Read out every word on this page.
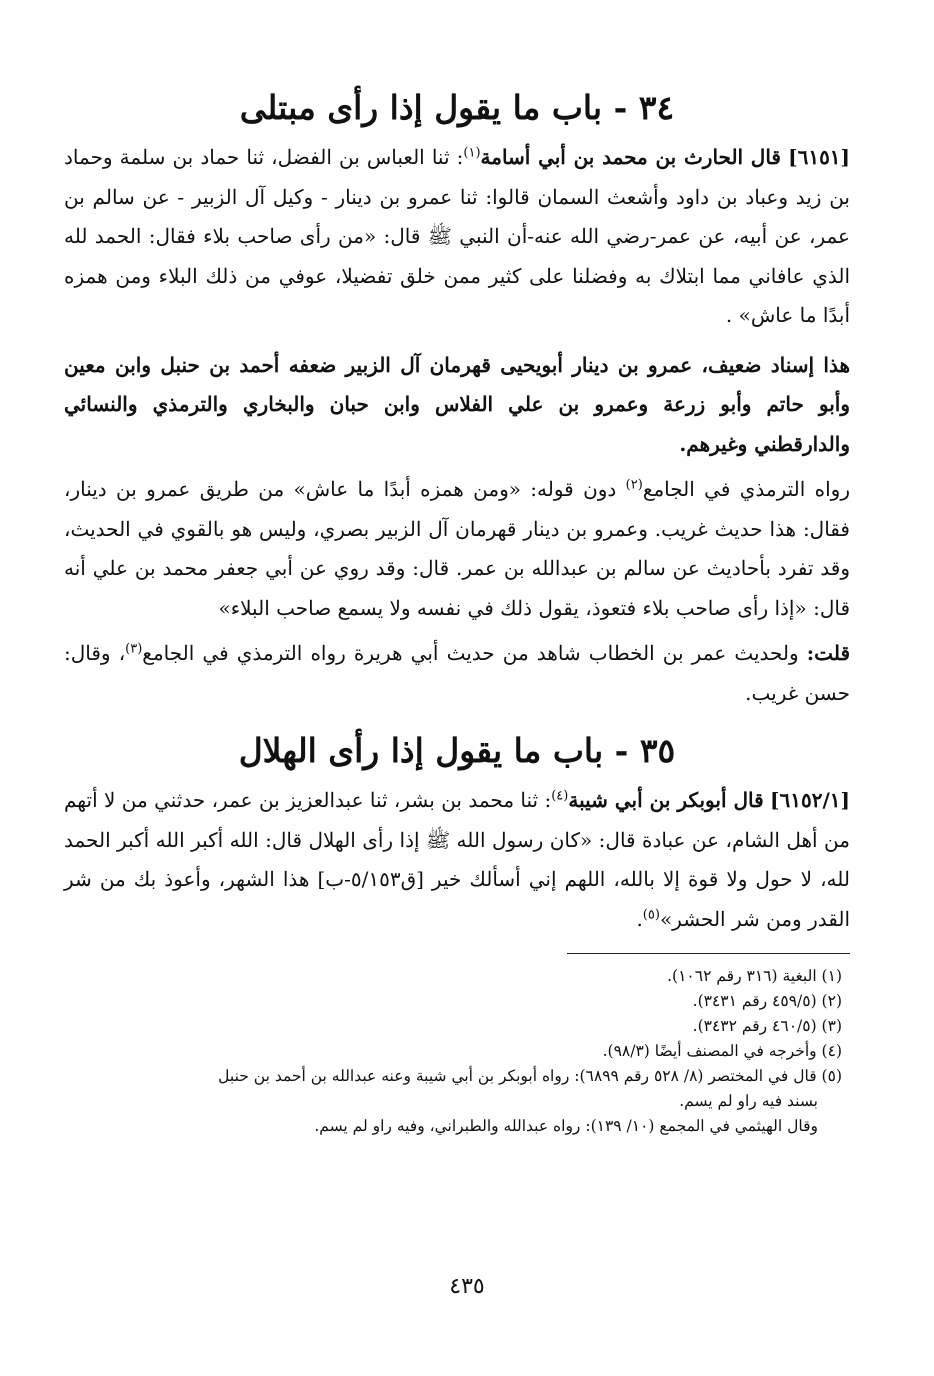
٣٤ - باب ما يقول إذا رأى مبتلى

[٦١٥١] قال الحارث بن محمد بن أبي أسامة$^{(١)}$: ثنا العباس بن الفضل، ثنا حماد بن سلمة وحماد بن زيد وعباد بن داود وأشعث السمان قالوا: ثنا عمرو بن دينار - وكيل آل الزبير - عن سالم بن عمر، عن أبيه، عن عمر-رضي الله عنه-أن النبي ﷺ قال: «من رأى صاحب بلاء فقال: الحمد لله الذي عافاني مما ابتلاك به وفضلنا على كثير ممن خلق تفضيلا، عوفي من ذلك البلاء ومن همزه أبدًا ما عاش» .

هذا إسناد ضعيف، عمرو بن دينار أبويحيى قهرمان آل الزبير ضعفه أحمد بن حنبل وابن معين وأبو حاتم وأبو زرعة وعمرو بن علي الفلاس وابن حبان والبخاري والترمذي والنسائي والدارقطني وغيرهم.

رواه الترمذي في الجامع$^{(٢)}$ دون قوله: «ومن همزه أبدًا ما عاش» من طريق عمرو بن دينار، فقال: هذا حديث غريب. وعمرو بن دينار قهرمان آل الزبير بصري، وليس هو بالقوي في الحديث، وقد تفرد بأحاديث عن سالم بن عبدالله بن عمر. قال: وقد روي عن أبي جعفر محمد بن علي أنه قال: «إذا رأى صاحب بلاء فتعوذ، يقول ذلك في نفسه ولا يسمع صاحب البلاء»

قلت: ولحديث عمر بن الخطاب شاهد من حديث أبي هريرة رواه الترمذي في الجامع$^{(٣)}$، وقال: حسن غريب.

٣٥ - باب ما يقول إذا رأى الهلال

[٦١٥٢/١] قال أبوبكر بن أبي شيبة$^{(٤)}$: ثنا محمد بن بشر، ثنا عبدالعزيز بن عمر، حدثني من لا أتهم من أهل الشام، عن عبادة قال: «كان رسول الله ﷺ إذا رأى الهلال قال: الله أكبر الله أكبر الحمد لله، لا حول ولا قوة إلا بالله، اللهم إني أسألك خير [ق٥/١٥٣-ب] هذا الشهر، وأعوذ بك من شر القدر ومن شر الحشر»$^{(٥)}$.

(١) البغية (٣١٦ رقم ١٠٦٢).

(٢) (٤٥٩/٥ رقم ٣٤٣١).

(٣) (٤٦٠/٥ رقم ٣٤٣٢).

(٤) وأخرجه في المصنف أيضًا (٩٨/٣).

(٥) قال في المختصر (٨/ ٥٢٨ رقم ٦٨٩٩): رواه أبوبكر بن أبي شيبة وعنه عبدالله بن أحمد بن حنبل

بسند فيه راو لم يسم.

وقال الهيثمي في المجمع (١٠/ ١٣٩): رواه عبدالله والطبراني، وفيه راو لم يسم.

٤٣٥
